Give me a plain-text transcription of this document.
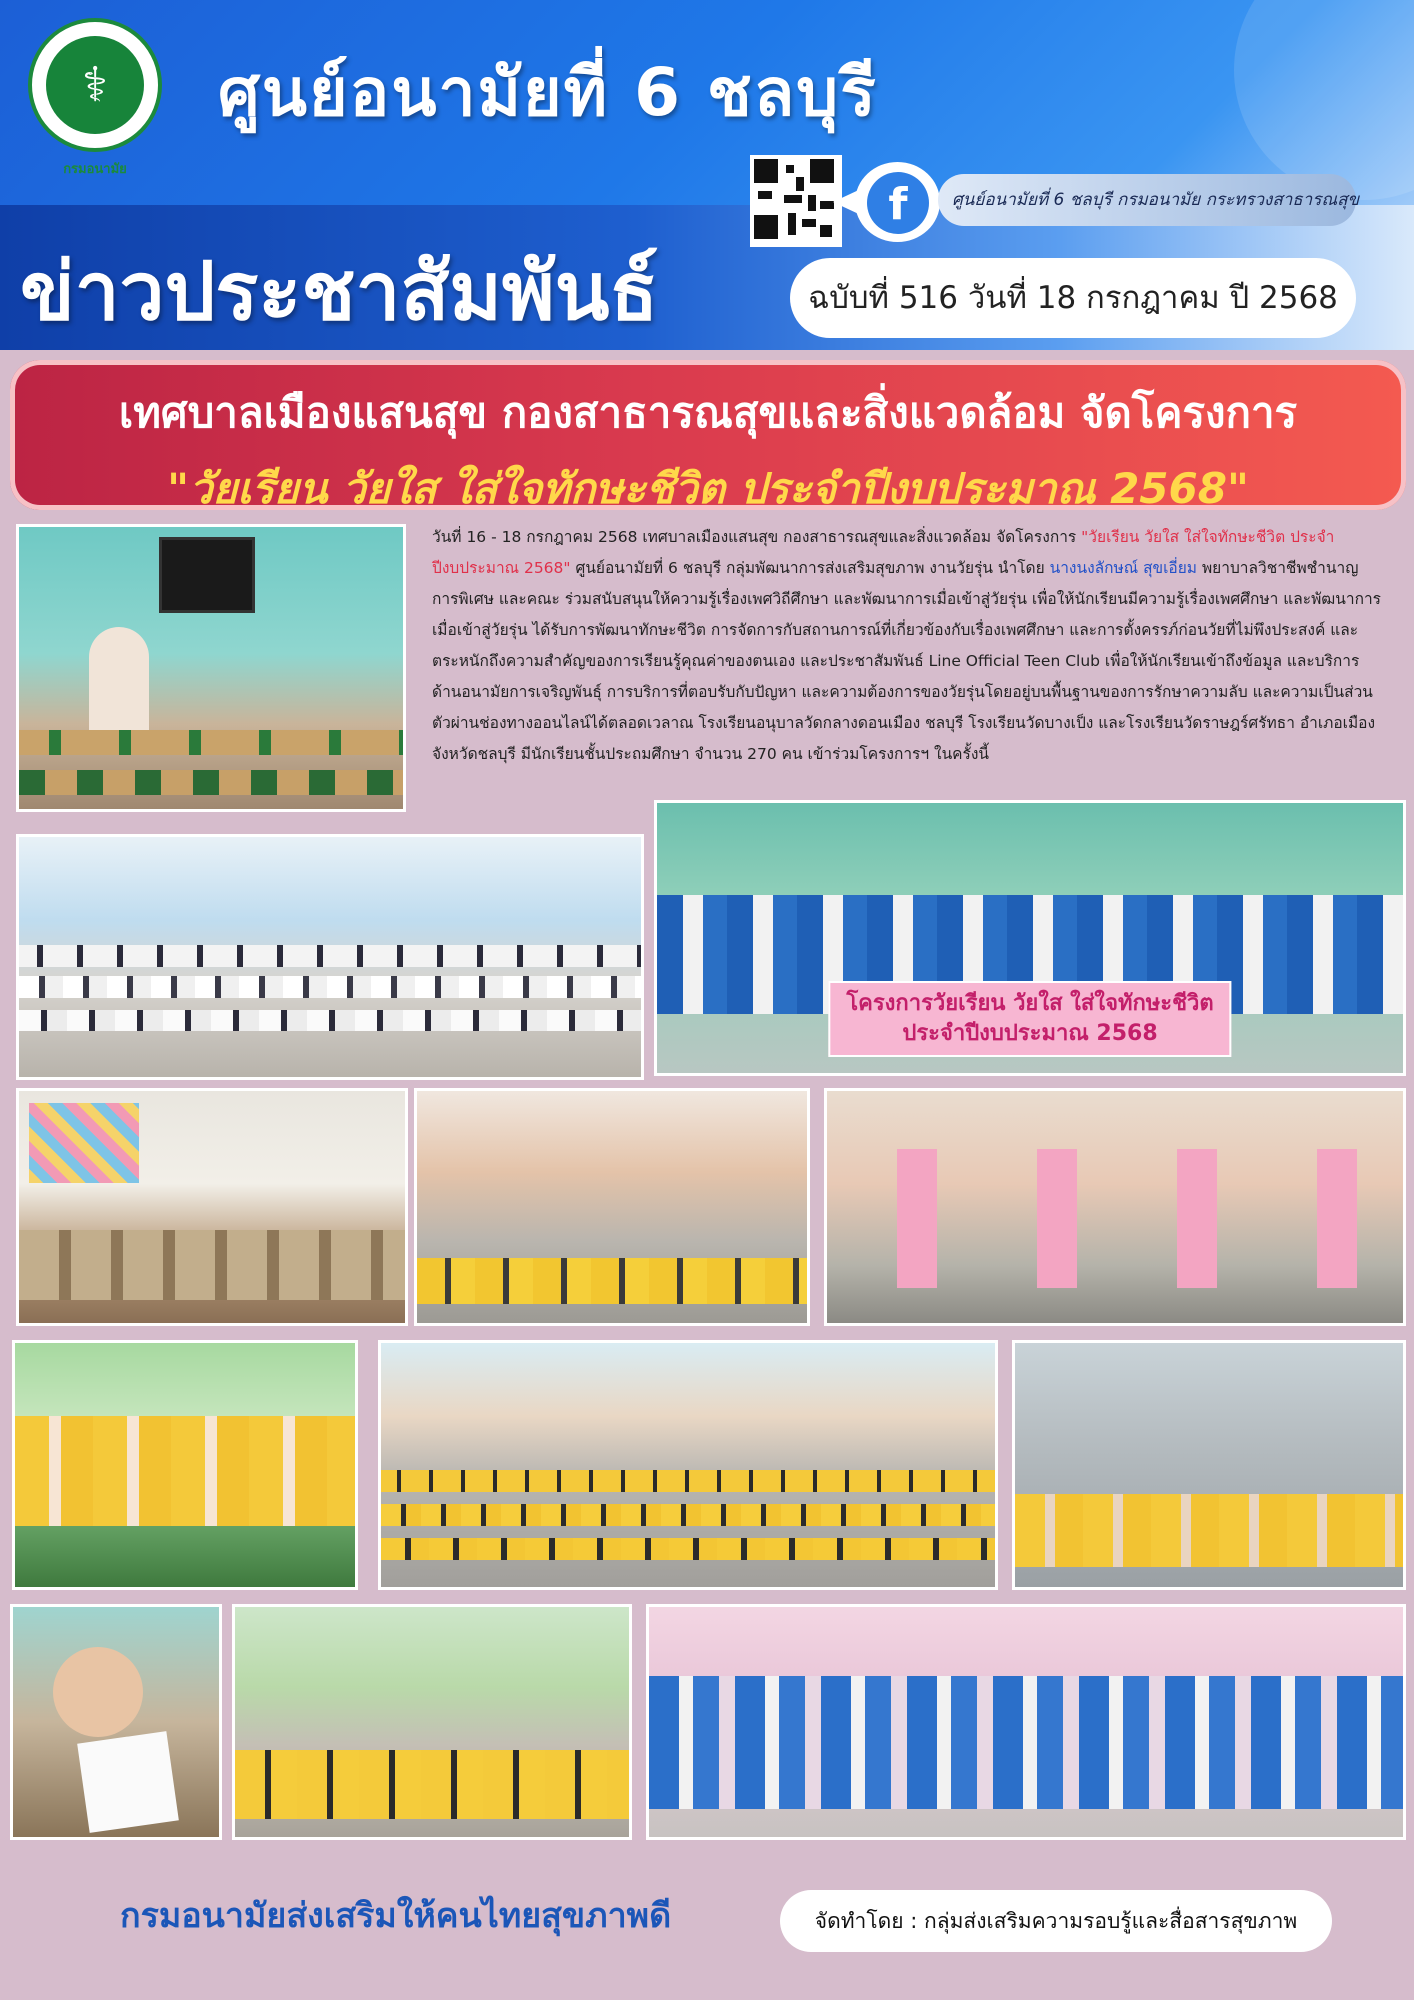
⚕
กรมอนามัย
ศูนย์อนามัยที่ 6 ชลบุรี
ข่าวประชาสัมพันธ์
f	ศูนย์อนามัยที่ 6 ชลบุรี กรมอนามัย กระทรวงสาธารณสุข
ฉบับที่ 516 วันที่ 18 กรกฎาคม ปี 2568
เทศบาลเมืองแสนสุข กองสาธารณสุขและสิ่งแวดล้อม จัดโครงการ
"วัยเรียน วัยใส ใส่ใจทักษะชีวิต ประจำปีงบประมาณ 2568"
วันที่ 16 - 18 กรกฎาคม 2568 เทศบาลเมืองแสนสุข กองสาธารณสุขและสิ่งแวดล้อม จัดโครงการ "วัยเรียน วัยใส ใส่ใจทักษะชีวิต ประจำปีงบประมาณ 2568" ศูนย์อนามัยที่ 6 ชลบุรี กลุ่มพัฒนาการส่งเสริมสุขภาพ งานวัยรุ่น นำโดย นางนงลักษณ์ สุขเอี่ยม พยาบาลวิชาชีพชำนาญการพิเศษ และคณะ ร่วมสนับสนุนให้ความรู้เรื่องเพศวิถีศึกษา และพัฒนาการเมื่อเข้าสู่วัยรุ่น เพื่อให้นักเรียนมีความรู้เรื่องเพศศึกษา และพัฒนาการเมื่อเข้าสู่วัยรุ่น ได้รับการพัฒนาทักษะชีวิต การจัดการกับสถานการณ์ที่เกี่ยวข้องกับเรื่องเพศศึกษา และการตั้งครรภ์ก่อนวัยที่ไม่พึงประสงค์ และตระหนักถึงความสำคัญของการเรียนรู้คุณค่าของตนเอง และประชาสัมพันธ์ Line Official Teen Club เพื่อให้นักเรียนเข้าถึงข้อมูล และบริการด้านอนามัยการเจริญพันธุ์ การบริการที่ตอบรับกับปัญหา และความต้องการของวัยรุ่นโดยอยู่บนพื้นฐานของการรักษาความลับ และความเป็นส่วนตัวผ่านช่องทางออนไลน์ได้ตลอดเวลาณ โรงเรียนอนุบาลวัดกลางดอนเมือง ชลบุรี โรงเรียนวัดบางเป็ง และโรงเรียนวัดราษฎร์ศรัทธา อำเภอเมือง จังหวัดชลบุรี มีนักเรียนชั้นประถมศึกษา จำนวน 270 คน เข้าร่วมโครงการฯ ในครั้งนี้
โครงการวัยเรียน วัยใส ใส่ใจทักษะชีวิต
ประจำปีงบประมาณ 2568
กรมอนามัยส่งเสริมให้คนไทยสุขภาพดี	จัดทำโดย : กลุ่มส่งเสริมความรอบรู้และสื่อสารสุขภาพ
